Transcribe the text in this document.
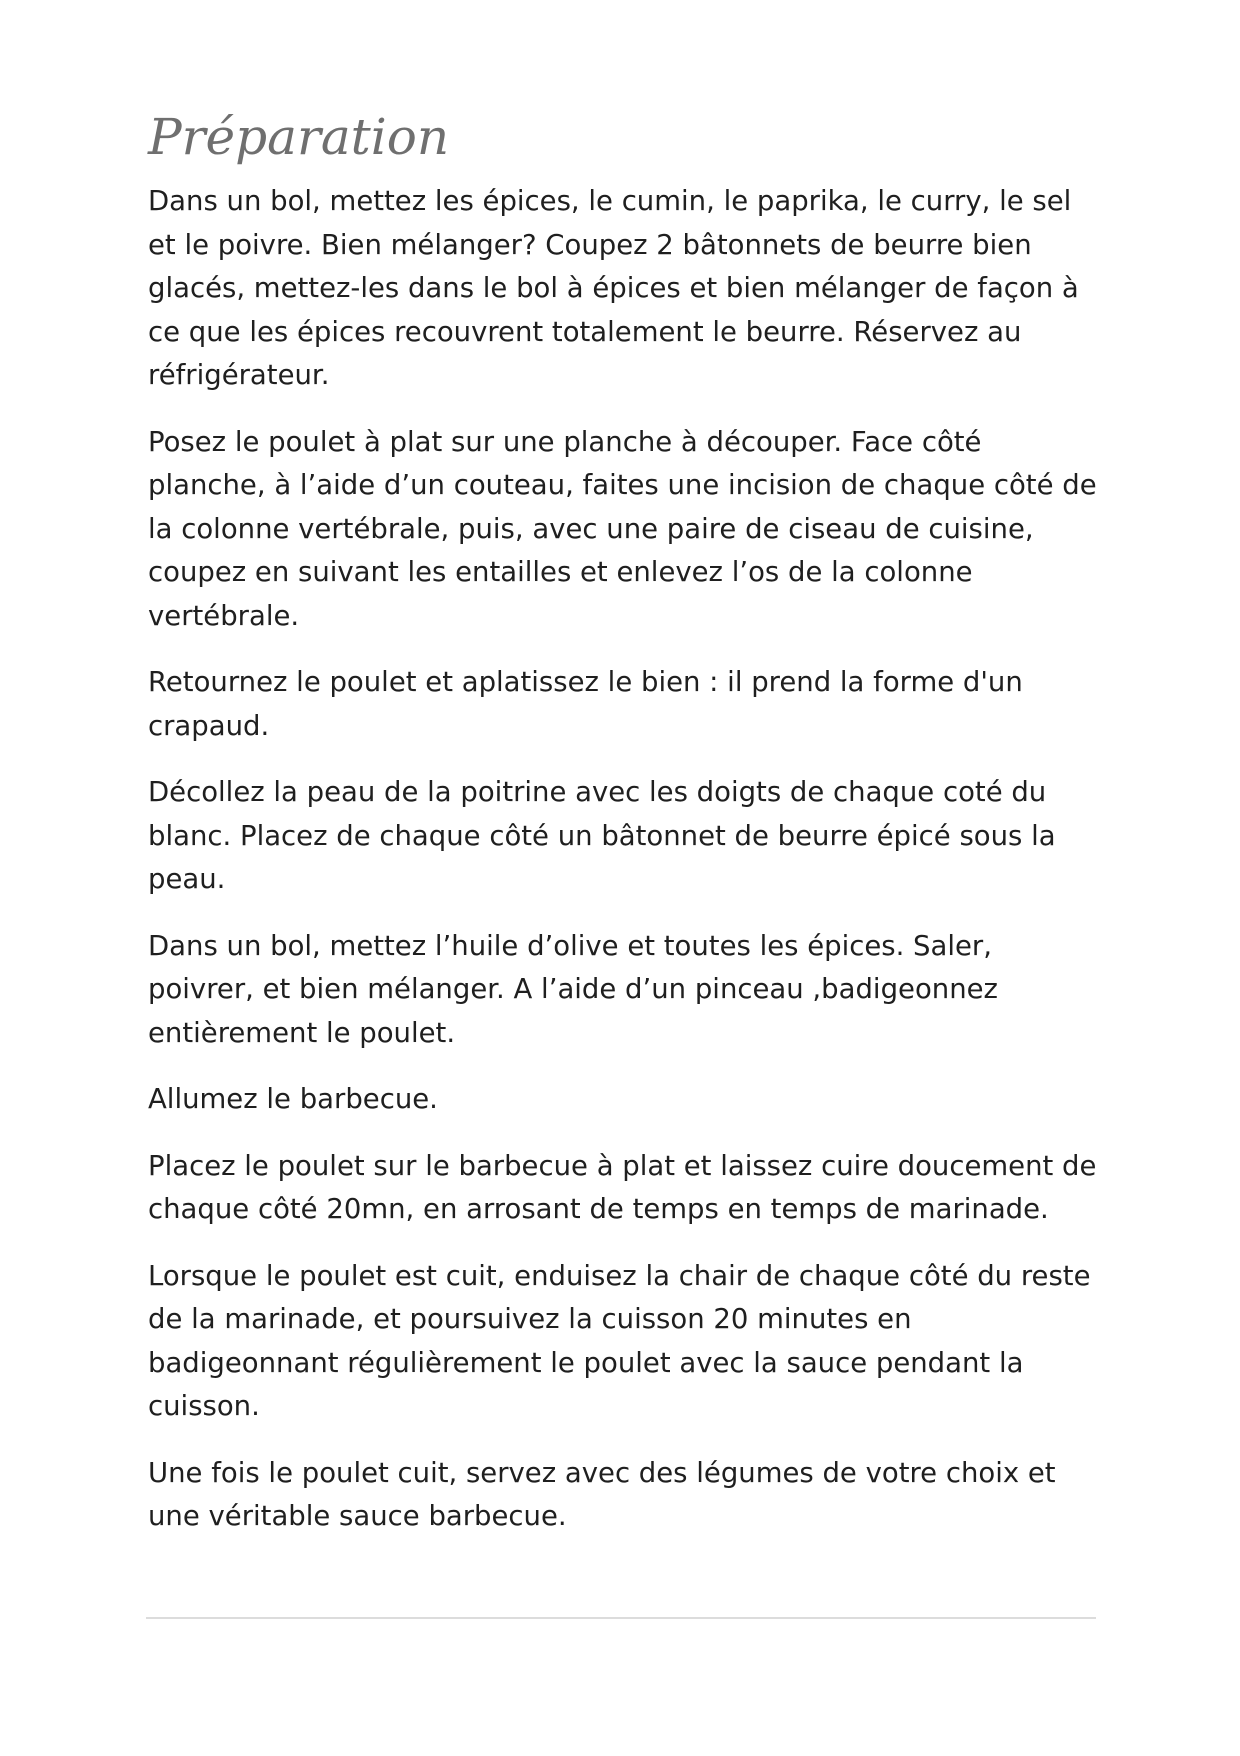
Préparation

Dans un bol, mettez les épices, le cumin, le paprika, le curry, le sel et le poivre. Bien mélanger? Coupez 2 bâtonnets de beurre bien glacés, mettez-les dans le bol à épices et bien mélanger de façon à ce que les épices recouvrent totalement le beurre. Réservez au réfrigérateur.

Posez le poulet à plat sur une planche à découper. Face côté planche, à l’aide d’un couteau, faites une incision de chaque côté de la colonne vertébrale, puis, avec une paire de ciseau de cuisine, coupez en suivant les entailles et enlevez l’os de la colonne vertébrale.

Retournez le poulet et aplatissez le bien : il prend la forme d'un crapaud.

Décollez la peau de la poitrine avec les doigts de chaque coté du blanc. Placez de chaque côté un bâtonnet de beurre épicé sous la peau.

Dans un bol, mettez l’huile d’olive et toutes les épices. Saler, poivrer, et bien mélanger. A l’aide d’un pinceau ,badigeonnez entièrement le poulet.

Allumez le barbecue.

Placez le poulet sur le barbecue à plat et laissez cuire doucement de chaque côté 20mn, en arrosant de temps en temps de marinade.

Lorsque le poulet est cuit, enduisez la chair de chaque côté du reste de la marinade, et poursuivez la cuisson 20 minutes en badigeonnant régulièrement le poulet avec la sauce pendant la cuisson.

Une fois le poulet cuit, servez avec des légumes de votre choix et une véritable sauce barbecue.
